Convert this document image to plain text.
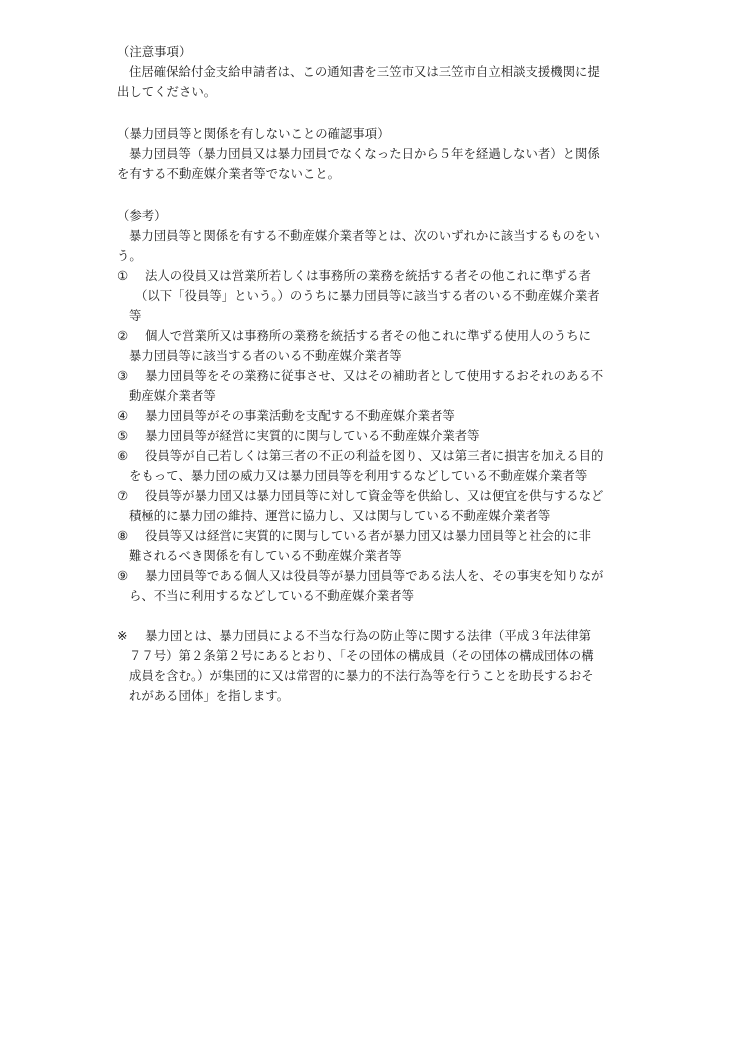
（注意事項）
住居確保給付金支給申請者は、この通知書を三笠市又は三笠市自立相談支援機関に提
出してください。
（暴力団員等と関係を有しないことの確認事項）
暴力団員等（暴力団員又は暴力団員でなくなった日から５年を経過しない者）と関係
を有する不動産媒介業者等でないこと。
（参考）
暴力団員等と関係を有する不動産媒介業者等とは、次のいずれかに該当するものをい
う。
① 法人の役員又は営業所若しくは事務所の業務を統括する者その他これに準ずる者
（以下「役員等」という。）のうちに暴力団員等に該当する者のいる不動産媒介業者
等
② 個人で営業所又は事務所の業務を統括する者その他これに準ずる使用人のうちに
暴力団員等に該当する者のいる不動産媒介業者等
③ 暴力団員等をその業務に従事させ、又はその補助者として使用するおそれのある不
動産媒介業者等
④ 暴力団員等がその事業活動を支配する不動産媒介業者等
⑤ 暴力団員等が経営に実質的に関与している不動産媒介業者等
⑥ 役員等が自己若しくは第三者の不正の利益を図り、又は第三者に損害を加える目的
をもって、暴力団の威力又は暴力団員等を利用するなどしている不動産媒介業者等
⑦ 役員等が暴力団又は暴力団員等に対して資金等を供給し、又は便宜を供与するなど
積極的に暴力団の維持、運営に協力し、又は関与している不動産媒介業者等
⑧ 役員等又は経営に実質的に関与している者が暴力団又は暴力団員等と社会的に非
難されるべき関係を有している不動産媒介業者等
⑨ 暴力団員等である個人又は役員等が暴力団員等である法人を、その事実を知りなが
ら、不当に利用するなどしている不動産媒介業者等
※ 暴力団とは、暴力団員による不当な行為の防止等に関する法律（平成３年法律第
７７号）第２条第２号にあるとおり、「その団体の構成員（その団体の構成団体の構
成員を含む。）が集団的に又は常習的に暴力的不法行為等を行うことを助長するおそ
れがある団体」を指します。
